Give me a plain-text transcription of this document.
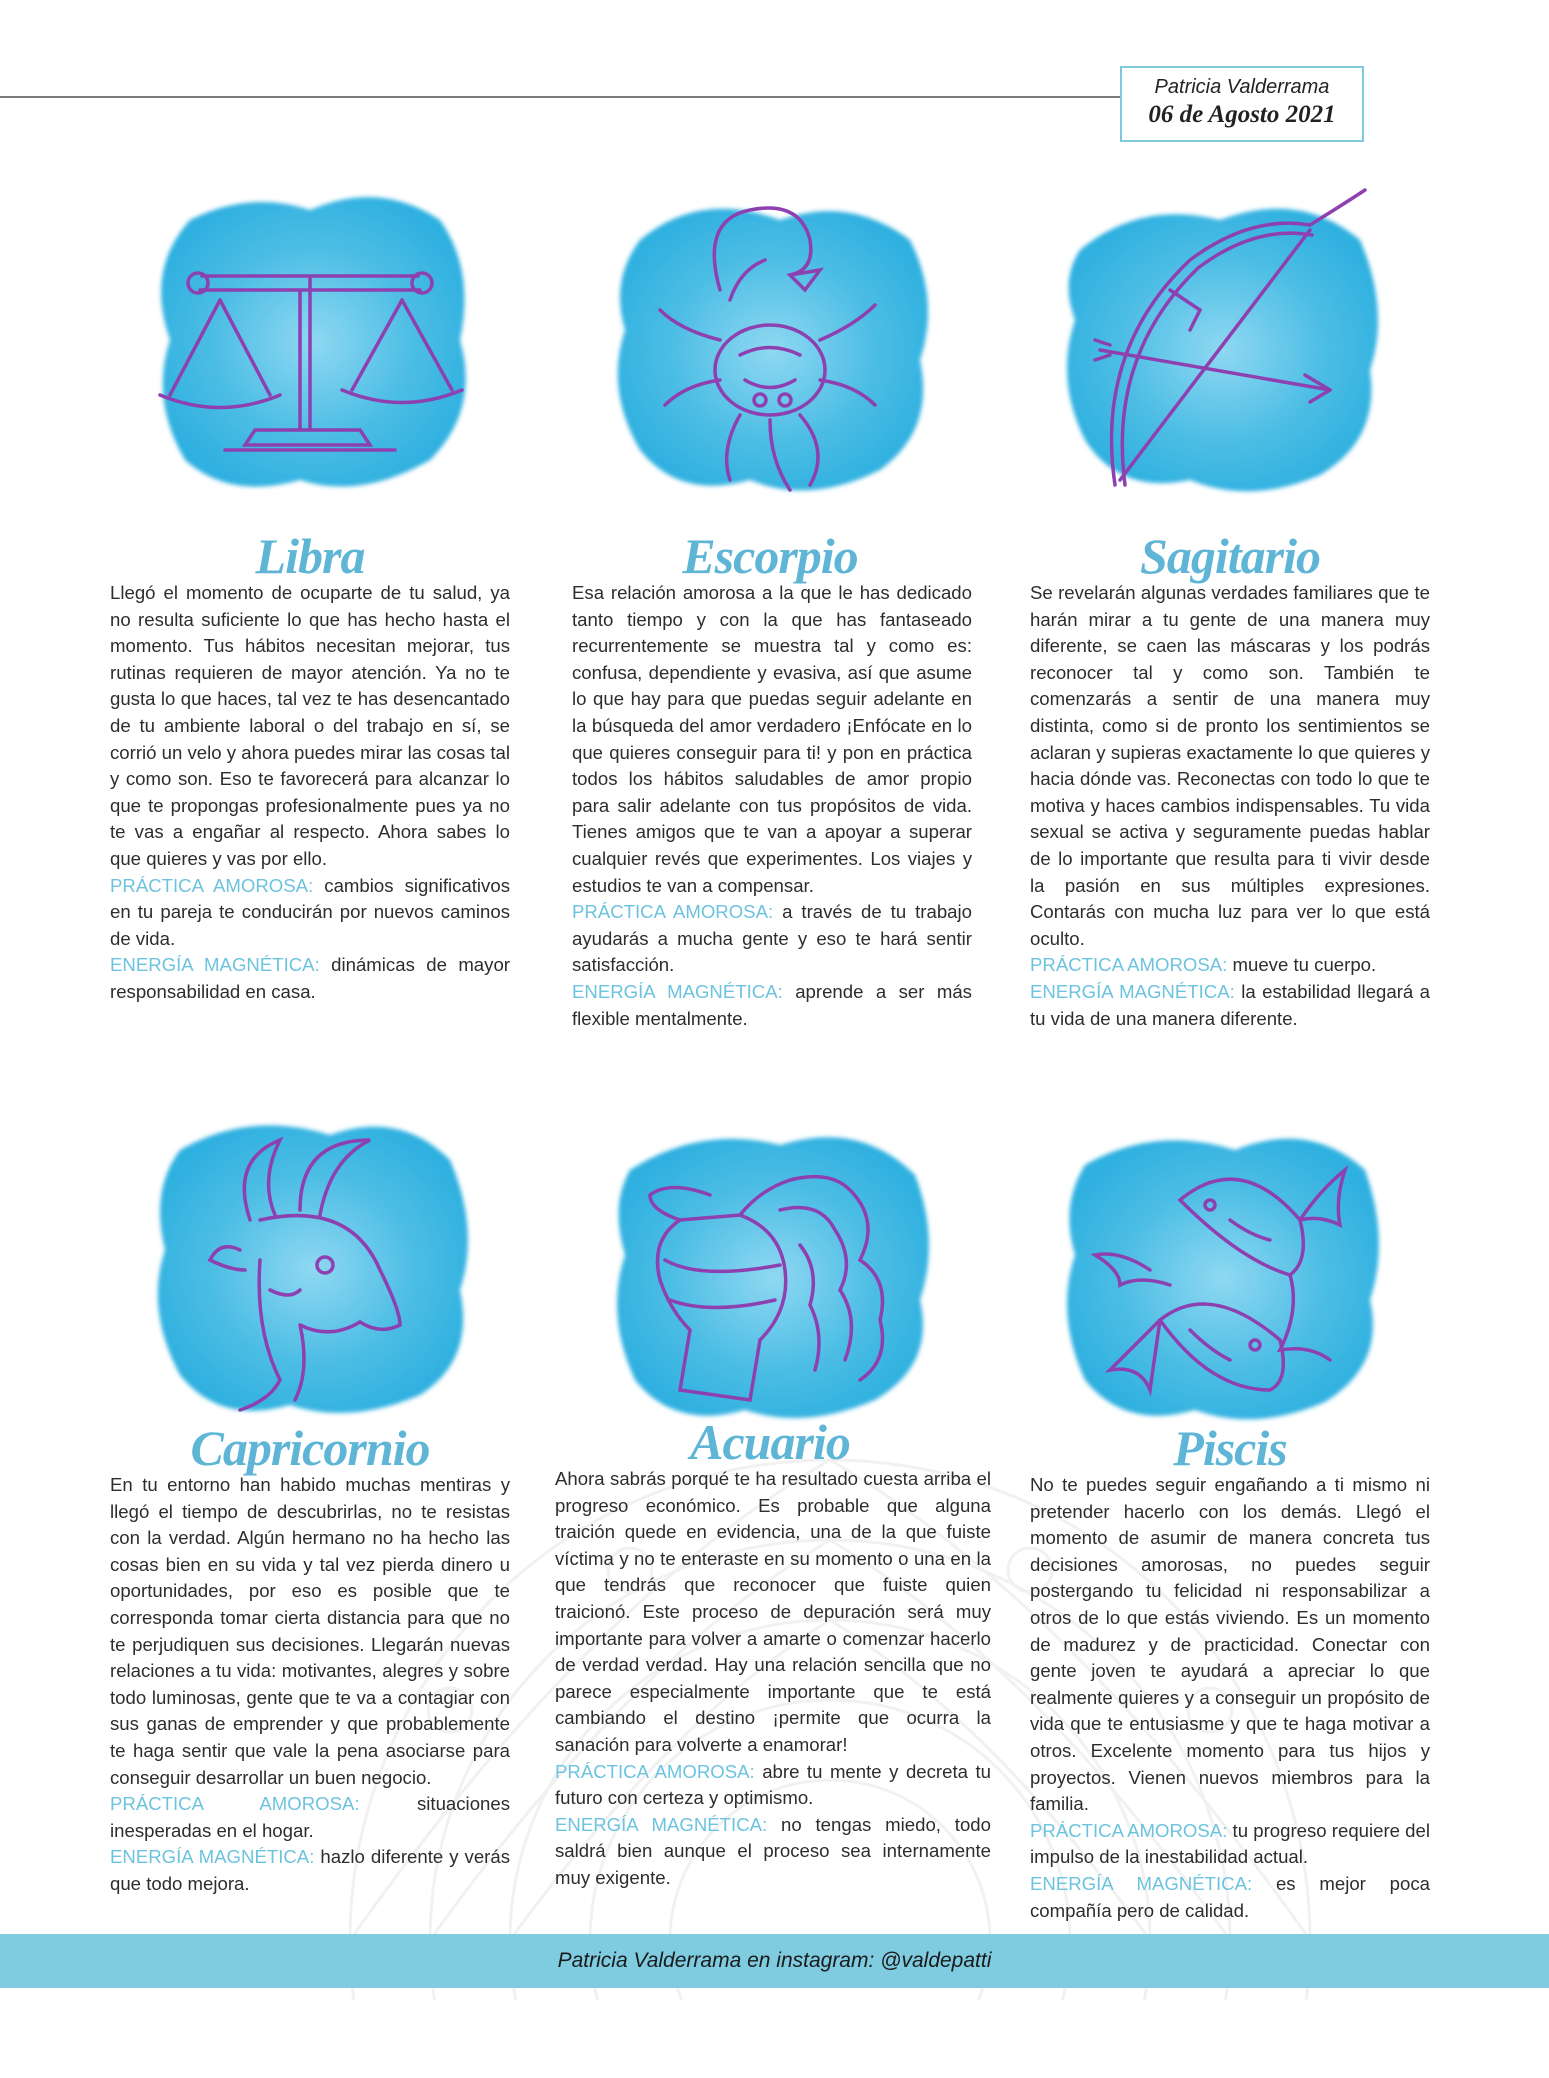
Patricia Valderrama
06 de Agosto 2021
Libra

Llegó el momento de ocuparte de tu salud, ya no resulta suficiente lo que has hecho hasta el momento. Tus hábitos necesitan mejorar, tus rutinas requieren de mayor atención. Ya no te gusta lo que haces, tal vez te has desencantado de tu ambiente laboral o del trabajo en sí, se corrió un velo y ahora puedes mirar las cosas tal y como son. Eso te favorecerá para alcanzar lo que te propongas profesionalmente pues ya no te vas a engañar al respecto. Ahora sabes lo que quieres y vas por ello.

PRÁCTICA AMOROSA: cambios significativos en tu pareja te conducirán por nuevos caminos de vida.

ENERGÍA MAGNÉTICA: dinámicas de mayor responsabilidad en casa.

Escorpio

Esa relación amorosa a la que le has dedicado tanto tiempo y con la que has fantaseado recurrentemente se muestra tal y como es: confusa, dependiente y evasiva, así que asume lo que hay para que puedas seguir adelante en la búsqueda del amor verdadero ¡Enfócate en lo que quieres conseguir para ti! y pon en práctica todos los hábitos saludables de amor propio para salir adelante con tus propósitos de vida. Tienes amigos que te van a apoyar a superar cualquier revés que experimentes. Los viajes y estudios te van a compensar.

PRÁCTICA AMOROSA: a través de tu trabajo ayudarás a mucha gente y eso te hará sentir satisfacción.

ENERGÍA MAGNÉTICA: aprende a ser más flexible mentalmente.

Sagitario

Se revelarán algunas verdades familiares que te harán mirar a tu gente de una manera muy diferente, se caen las máscaras y los podrás reconocer tal y como son. También te comenzarás a sentir de una manera muy distinta, como si de pronto los sentimientos se aclaran y supieras exactamente lo que quieres y hacia dónde vas. Reconectas con todo lo que te motiva y haces cambios indispensables. Tu vida sexual se activa y seguramente puedas hablar de lo importante que resulta para ti vivir desde la pasión en sus múltiples expresiones. Contarás con mucha luz para ver lo que está oculto.

PRÁCTICA AMOROSA: mueve tu cuerpo.

ENERGÍA MAGNÉTICA: la estabilidad llegará a tu vida de una manera diferente.

Capricornio

En tu entorno han habido muchas mentiras y llegó el tiempo de descubrirlas, no te resistas con la verdad. Algún hermano no ha hecho las cosas bien en su vida y tal vez pierda dinero u oportunidades, por eso es posible que te corresponda tomar cierta distancia para que no te perjudiquen sus decisiones. Llegarán nuevas relaciones a tu vida: motivantes, alegres y sobre todo luminosas, gente que te va a contagiar con sus ganas de emprender y que probablemente te haga sentir que vale la pena asociarse para conseguir desarrollar un buen negocio.

PRÁCTICA AMOROSA:	situaciones inesperadas en el hogar.

ENERGÍA MAGNÉTICA: hazlo diferente y verás que todo mejora.

Acuario

Ahora sabrás porqué te ha resultado cuesta arriba el progreso económico. Es probable que alguna traición quede en evidencia, una de la que fuiste víctima y no te enteraste en su momento o una en la que tendrás que reconocer que fuiste quien traicionó. Este proceso de depuración será muy importante para volver a amarte o comenzar hacerlo de verdad verdad. Hay una relación sencilla que no parece especialmente importante que te está cambiando el destino ¡permite que ocurra la sanación para volverte a enamorar!

PRÁCTICA AMOROSA: abre tu mente y decreta tu futuro con certeza y optimismo.

ENERGÍA MAGNÉTICA: no tengas miedo, todo saldrá bien aunque el proceso sea internamente muy exigente.

Piscis

No te puedes seguir engañando a ti mismo ni pretender hacerlo con los demás. Llegó el momento de asumir de manera concreta tus decisiones amorosas, no puedes seguir postergando tu felicidad ni responsabilizar a otros de lo que estás viviendo. Es un momento de madurez y de practicidad. Conectar con gente joven te ayudará a apreciar lo que realmente quieres y a conseguir un propósito de vida que te entusiasme y que te haga motivar a otros. Excelente momento para tus hijos y proyectos. Vienen nuevos miembros para la familia.

PRÁCTICA AMOROSA: tu progreso requiere del impulso de la inestabilidad actual.

ENERGÍA MAGNÉTICA: es mejor poca compañía pero de calidad.

Patricia Valderrama en instagram: @valdepatti
